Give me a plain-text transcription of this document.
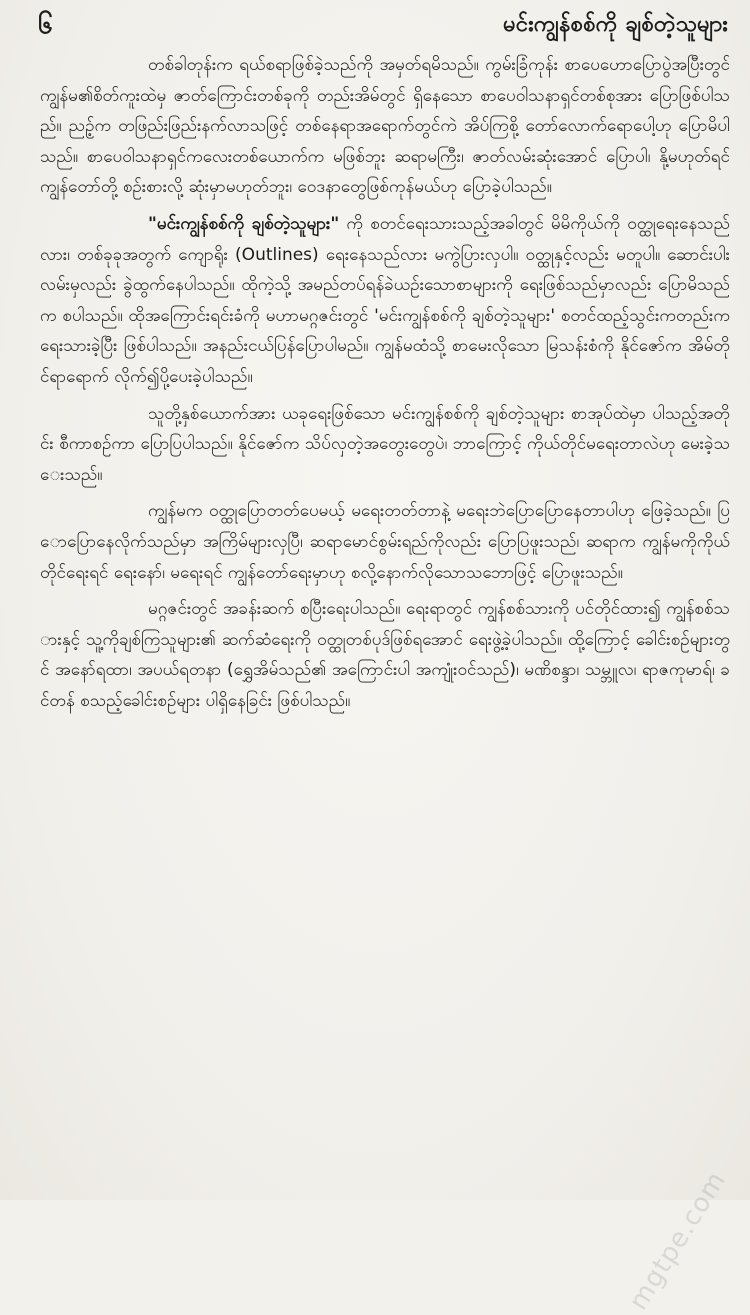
၆	မင်းကျွန်စစ်ကို ချစ်တဲ့သူများ

တစ်ခါတုန်းက ရယ်စရာဖြစ်ခဲ့သည်ကို အမှတ်ရမိသည်။ ကွမ်းခြံကုန်း စာပေဟောပြောပွဲအပြီးတွင် ကျွန်မ၏စိတ်ကူးထဲမှ ဇာတ်ကြောင်းတစ်ခုကို တည်းအိမ်တွင် ရှိနေသော စာပေဝါသနာရှင်တစ်စုအား ပြောဖြစ်ပါသည်။ ညဉ့်က တဖြည်းဖြည်းနက်လာသဖြင့် တစ်နေရာအရောက်တွင်ကဲ အိပ်ကြစို့ တော်လောက်ရောပေါ့ဟု ပြောမိပါသည်။ စာပေဝါသနာရှင်ကလေးတစ်ယောက်က မဖြစ်ဘူး ဆရာမကြီး၊ ဇာတ်လမ်းဆုံးအောင် ပြောပါ၊ နို့မဟုတ်ရင် ကျွန်တော်တို့ စဉ်းစားလို့ ဆုံးမှာမဟုတ်ဘူး၊ ဝေဒနာတွေဖြစ်ကုန်မယ်ဟု ပြောခဲ့ပါသည်။

"မင်းကျွန်စစ်ကို ချစ်တဲ့သူများ" ကို စတင်ရေးသားသည့်အခါတွင် မိမိကိုယ်ကို ဝတ္ထုရေးနေသည်လား၊ တစ်ခုခုအတွက် ကျောရိုး (Outlines) ရေးနေသည်လား မကွဲပြားလှပါ။ ဝတ္ထုနှင့်လည်း မတူပါ။ ဆောင်းပါးလမ်းမှလည်း ခွဲထွက်နေပါသည်။ ထိုကဲ့သို့ အမည်တပ်ရန်ခဲယဉ်းသောစာများကို ရေးဖြစ်သည်မှာလည်း ပြောမိသည်က စပါသည်။ ထိုအကြောင်းရင်းခံကို မဟာမဂ္ဂဇင်းတွင် 'မင်းကျွန်စစ်ကို ချစ်တဲ့သူများ' စတင်ထည့်သွင်းကတည်းက ရေးသားခဲ့ပြီး ဖြစ်ပါသည်။ အနည်းငယ်ပြန်ပြောပါမည်။ ကျွန်မထံသို့ စာမေးလိုသော မြသန်းစံကို နိုင်ဇော်က အိမ်တိုင်ရာရောက် လိုက်၍ပို့ပေးခဲ့ပါသည်။

သူတို့နှစ်ယောက်အား ယခုရေးဖြစ်သော မင်းကျွန်စစ်ကို ချစ်တဲ့သူများ စာအုပ်ထဲမှာ ပါသည့်အတိုင်း စီကာစဉ်ကာ ပြောပြပါသည်။ နိုင်ဇော်က သိပ်လှတဲ့အတွေးတွေပဲ၊ ဘာကြောင့် ကိုယ်တိုင်မရေးတာလဲဟု မေးခဲ့သေးသည်။

ကျွန်မက ဝတ္ထုပြောတတ်ပေမယ့် မရေးတတ်တာနဲ့ မရေးဘဲပြောပြောနေတာပါဟု ဖြေခဲ့သည်။ ပြောပြောနေလိုက်သည်မှာ အကြိမ်များလှပြီ၊ ဆရာမောင်စွမ်းရည်ကိုလည်း ပြောပြဖူးသည်၊ ဆရာက ကျွန်မကိုကိုယ်တိုင်ရေးရင် ရေးနော်၊ မရေးရင် ကျွန်တော်ရေးမှာဟု စလို့နောက်လိုသောသဘောဖြင့် ပြောဖူးသည်။

မဂ္ဂဇင်းတွင် အခန်းဆက် စပြီးရေးပါသည်။ ရေးရာတွင် ကျွန်စစ်သားကို ပင်တိုင်ထား၍ ကျွန်စစ်သားနှင့် သူ့ကိုချစ်ကြသူများ၏ ဆက်ဆံရေးကို ဝတ္ထုတစ်ပုဒ်ဖြစ်ရအောင် ရေးဖွဲ့ခဲ့ပါသည်။ ထို့ကြောင့် ခေါင်းစဉ်များတွင် အနော်ရထာ၊ အပယ်ရတနာ (ရွှေအိမ်သည်၏ အကြောင်းပါ အကျုံးဝင်သည်)၊ မဏိစန္ဒာ၊ သမ္ဘူလ၊ ရာဇကုမာရ်၊ ခင်တန် စသည့်ခေါင်းစဉ်များ ပါရှိနေခြင်း ဖြစ်ပါသည်။

mgtpe.com
